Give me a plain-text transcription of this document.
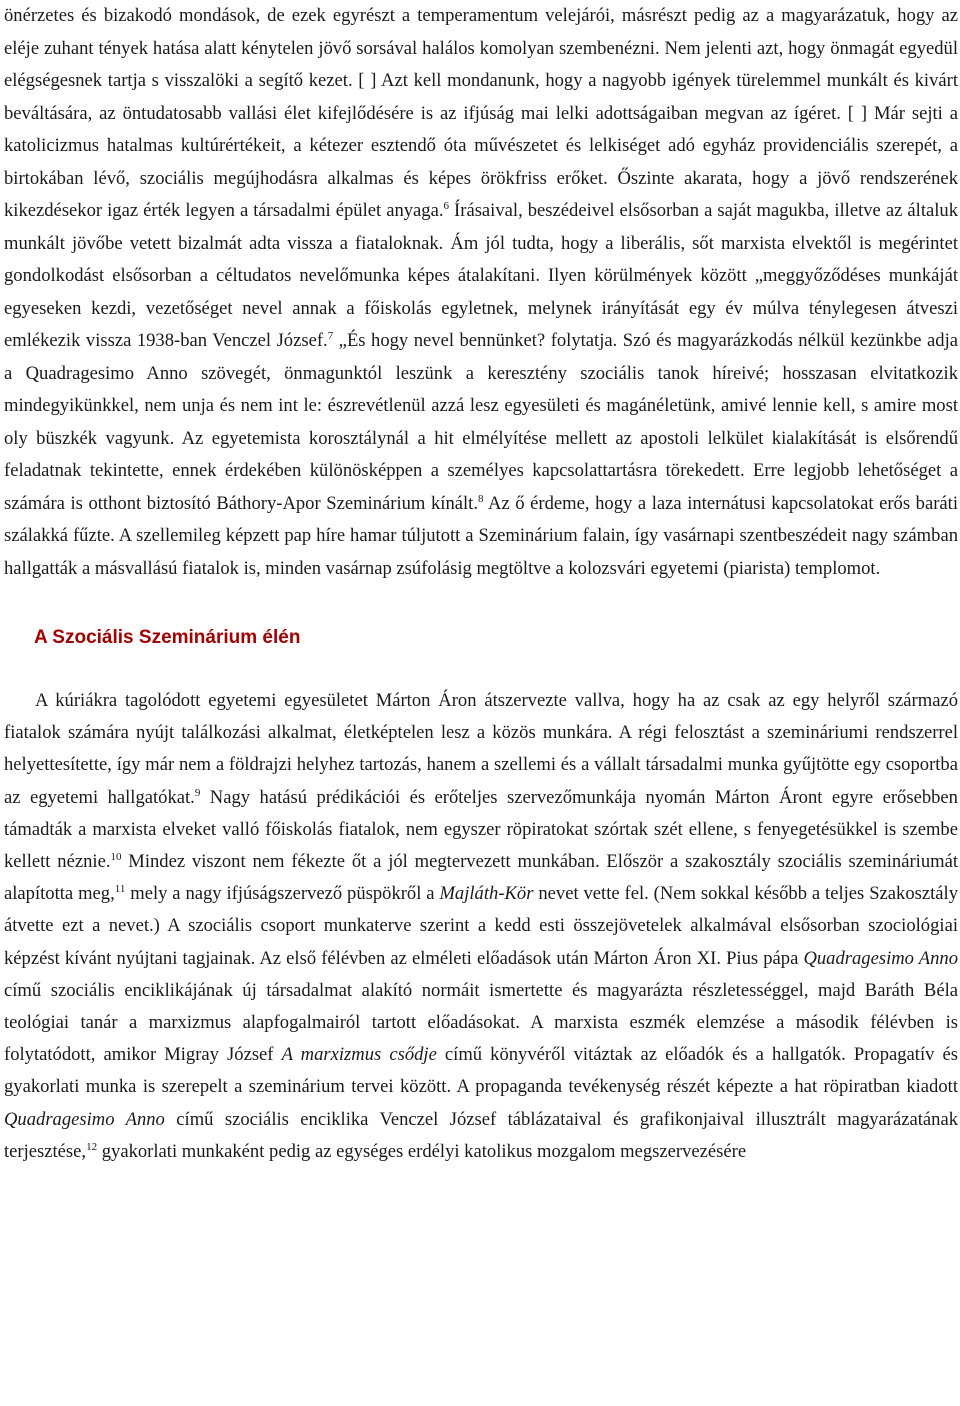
önérzetes és bizakodó mondások, de ezek egyrészt a temperamentum velejárói, másrészt pedig az a magyarázatuk, hogy az eléje zuhant tények hatása alatt kénytelen jövő sorsával halálos komolyan szembenézni. Nem jelenti azt, hogy önmagát egyedül elégségesnek tartja s visszalöki a segítő kezet. [ ] Azt kell mondanunk, hogy a nagyobb igények türelemmel munkált és kivárt beváltására, az öntudatosabb vallási élet kifejlődésére is az ifjúság mai lelki adottságaiban megvan az ígéret. [ ] Már sejti a katolicizmus hatalmas kultúrértékeit, a kétezer esztendő óta művészetet és lelkiséget adó egyház providenciális szerepét, a birtokában lévő, szociális megújhodásra alkalmas és képes örökfriss erőket. Őszinte akarata, hogy a jövő rendszerének kikezdésekor igaz érték legyen a társadalmi épület anyaga.$^6$ Írásaival, beszédeivel elsősorban a saját magukba, illetve az általuk munkált jövőbe vetett bizalmát adta vissza a fiataloknak. Ám jól tudta, hogy a liberális, sőt marxista elvektől is megérintet gondolkodást elsősorban a céltudatos nevelőmunka képes átalakítani. Ilyen körülmények között „meggyőződéses munkáját egyeseken kezdi, vezetőséget nevel annak a főiskolás egyletnek, melynek irányítását egy év múlva ténylegesen átveszi emlékezik vissza 1938-ban Venczel József.$^7$ „És hogy nevel bennünket? folytatja. Szó és magyarázkodás nélkül kezünkbe adja a Quadragesimo Anno szövegét, önmagunktól leszünk a keresztény szociális tanok híreivé; hosszasan elvitatkozik mindegyikünkkel, nem unja és nem int le: észrevétlenül azzá lesz egyesületi és magánéletünk, amivé lennie kell, s amire most oly büszkék vagyunk. Az egyetemista korosztálynál a hit elmélyítése mellett az apostoli lelkület kialakítását is elsőrendű feladatnak tekintette, ennek érdekében különösképpen a személyes kapcsolattartásra törekedett. Erre legjobb lehetőséget a számára is otthont biztosító Báthory-Apor Szeminárium kínált.$^8$ Az ő érdeme, hogy a laza internátusi kapcsolatokat erős baráti szálakká fűzte. A szellemileg képzett pap híre hamar túljutott a Szeminárium falain, így vasárnapi szentbeszédeit nagy számban hallgatták a másvallású fiatalok is, minden vasárnap zsúfolásig megtöltve a kolozsvári egyetemi (piarista) templomot.

A Szociális Szeminárium élén

A kúriákra tagolódott egyetemi egyesületet Márton Áron átszervezte vallva, hogy ha az csak az egy helyről származó fiatalok számára nyújt találkozási alkalmat, életképtelen lesz a közös munkára. A régi felosztást a szemináriumi rendszerrel helyettesítette, így már nem a földrajzi helyhez tartozás, hanem a szellemi és a vállalt társadalmi munka gyűjtötte egy csoportba az egyetemi hallgatókat.$^9$ Nagy hatású prédikációi és erőteljes szervezőmunkája nyomán Márton Áront egyre erősebben támadták a marxista elveket valló főiskolás fiatalok, nem egyszer röpiratokat szórtak szét ellene, s fenyegetésükkel is szembe kellett néznie.$^{10}$ Mindez viszont nem fékezte őt a jól megtervezett munkában. Először a szakosztály szociális szemináriumát alapította meg,$^{11}$ mely a nagy ifjúságszervező püspökről a Majláth-Kör nevet vette fel. (Nem sokkal később a teljes Szakosztály átvette ezt a nevet.) A szociális csoport munkaterve szerint a kedd esti összejövetelek alkalmával elsősorban szociológiai képzést kívánt nyújtani tagjainak. Az első félévben az elméleti előadások után Márton Áron XI. Pius pápa Quadragesimo Anno című szociális enciklikájának új társadalmat alakító normáit ismertette és magyarázta részletességgel, majd Baráth Béla teológiai tanár a marxizmus alapfogalmairól tartott előadásokat. A marxista eszmék elemzése a második félévben is folytatódott, amikor Migray József A marxizmus csődje című könyvéről vitáztak az előadók és a hallgatók. Propagatív és gyakorlati munka is szerepelt a szeminárium tervei között. A propaganda tevékenység részét képezte a hat röpiratban kiadott Quadragesimo Anno című szociális enciklika Venczel József táblázataival és grafikonjaival illusztrált magyarázatának terjesztése,$^{12}$ gyakorlati munkaként pedig az egységes erdélyi katolikus mozgalom megszervezésére
